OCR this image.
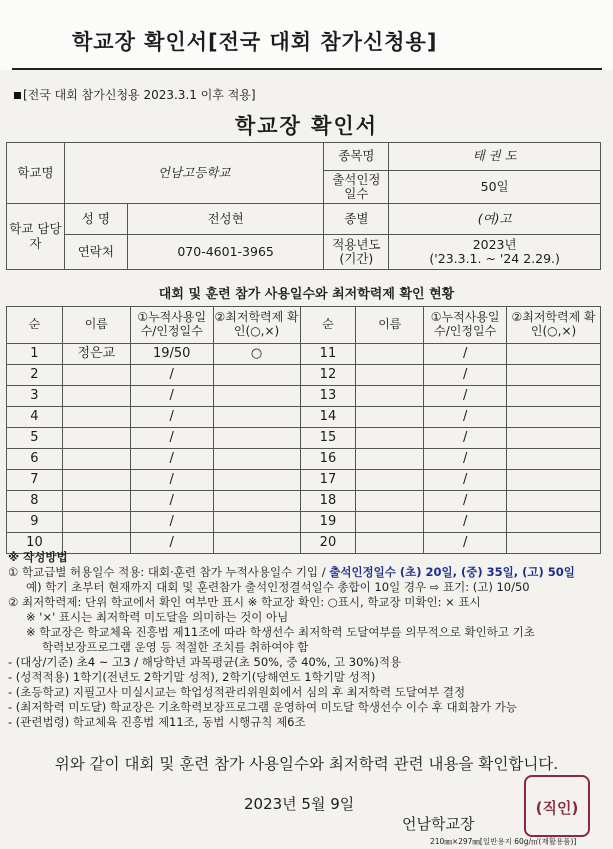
학교장 확인서[전국 대회 참가신청용]
[전국 대회 참가신청용 2023.3.1 이후 적용]
학교장 확인서
학교명	언남고등학교		종목명	태 권 도
			출석인정 일수	50일
학교 담당자	성 명	전성현	종별	(여)고
	연락처	070-4601-3965	적용년도 (기간)	2023년
('23.3.1. ~ '24 2.29.)
대회 및 훈련 참가 사용일수와 최저학력제 확인 현황
순	이름	①누적사용일수/인정일수	②최저학력제 확인(○,×)	순	이름	①누적사용일수/인정일수	②최저학력제 확인(○,×)
1	정은교	19/50	○	11		/	
2		/		12		/	
3		/		13		/	
4		/		14		/	
5		/		15		/	
6		/		16		/	
7		/		17		/	
8		/		18		/	
9		/		19		/	
10		/		20		/	
※ 작성방법
① 학교급별 허용일수 적용: 대회·훈련 참가 누적사용일수 기입 / 출석인정일수 (초) 20일, (중) 35일, (고) 50일
예) 학기 초부터 현재까지 대회 및 훈련참가 출석인정결석일수 총합이 10일 경우 ⇨ 표기: (고) 10/50
② 최저학력제: 단위 학교에서 확인 여부만 표시 ※ 학교장 확인: ○표시, 학교장 미확인: × 표시
※ '×' 표시는 최저학력 미도달을 의미하는 것이 아님
※ 학교장은 학교체육 진흥법 제11조에 따라 학생선수 최저학력 도달여부를 의무적으로 확인하고 기초
학력보장프로그램 운영 등 적절한 조치를 취하여야 함
- (대상/기준) 초4 ~ 고3 / 해당학년 과목평균(초 50%, 중 40%, 고 30%)적용
- (성적적용) 1학기(전년도 2학기말 성적), 2학기(당해연도 1학기말 성적)
- (초등학교) 지필고사 미실시교는 학업성적관리위원회에서 심의 후 최저학력 도달여부 결정
- (최저학력 미도달) 학교장은 기초학력보장프로그램 운영하여 미도달 학생선수 이수 후 대회참가 가능
- (관련법령) 학교체육 진흥법 제11조, 동법 시행규칙 제6조
위와 같이 대회 및 훈련 참가 사용일수와 최저학력 관련 내용을 확인합니다.
2023년 5월 9일
언남학교장
(직인)
210㎜×297㎜[일반용지 60g/㎡(재활용품)]
